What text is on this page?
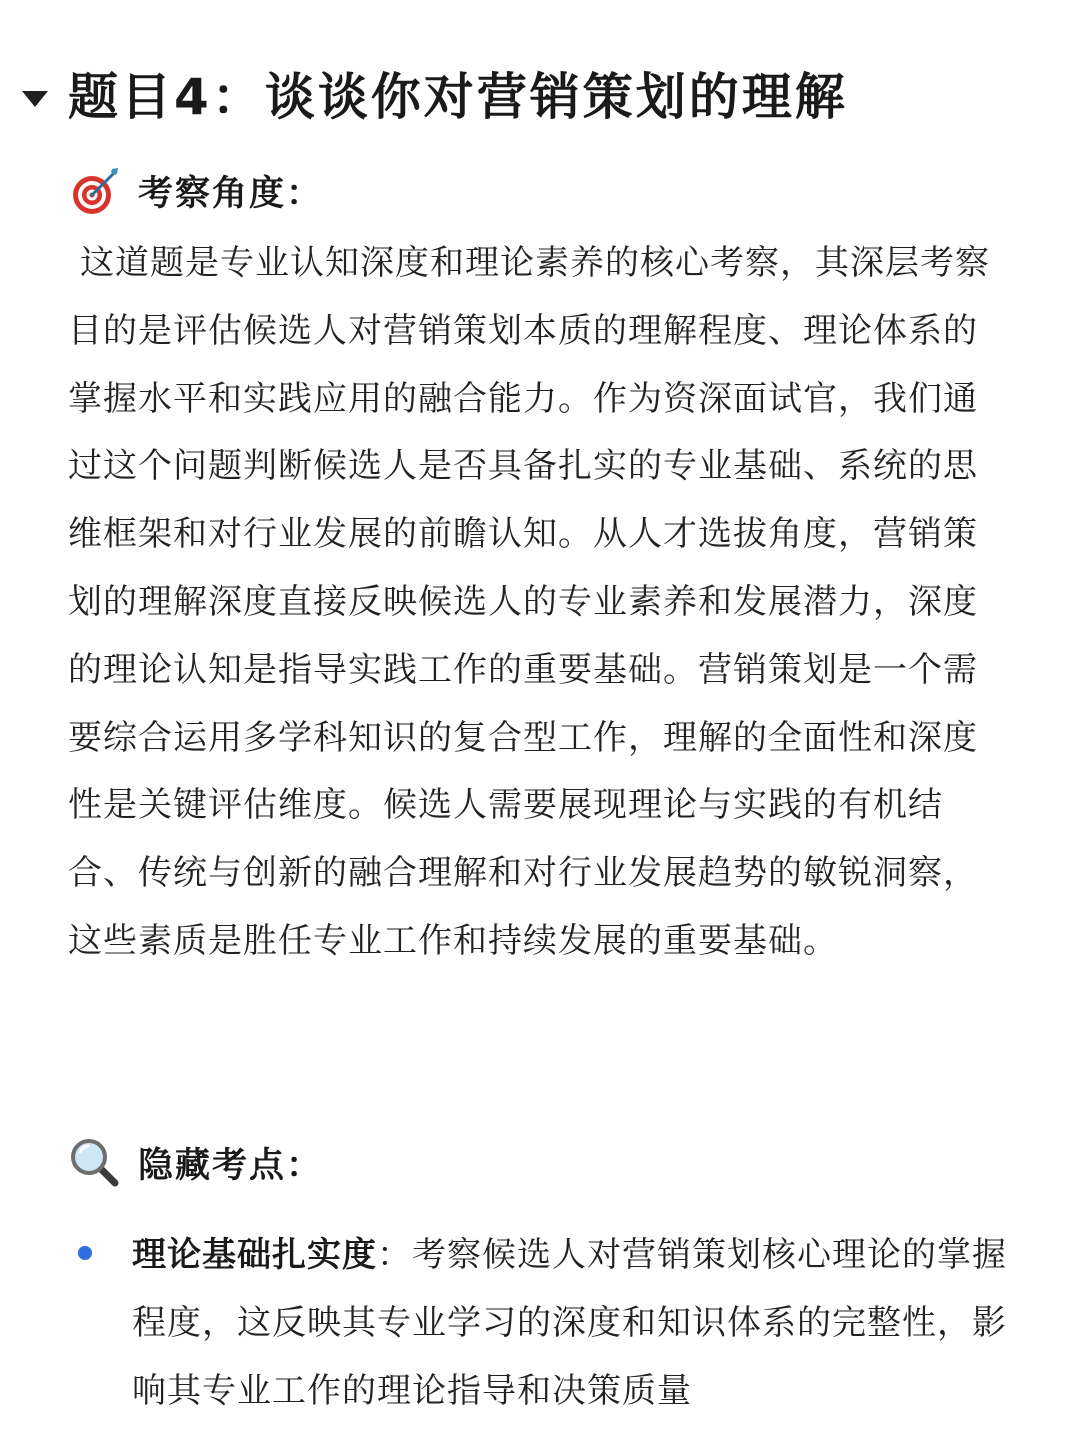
题目4：谈谈你对营销策划的理解
考察角度：

这道题是专业认知深度和理论素养的核心考察，其深层考察目的是评估候选人对营销策划本质的理解程度、理论体系的掌握水平和实践应用的融合能力。作为资深面试官，我们通过这个问题判断候选人是否具备扎实的专业基础、系统的思维框架和对行业发展的前瞻认知。从人才选拔角度，营销策划的理解深度直接反映候选人的专业素养和发展潜力，深度的理论认知是指导实践工作的重要基础。营销策划是一个需要综合运用多学科知识的复合型工作，理解的全面性和深度性是关键评估维度。候选人需要展现理论与实践的有机结合、传统与创新的融合理解和对行业发展趋势的敏锐洞察，这些素质是胜任专业工作和持续发展的重要基础。

隐藏考点：
理论基础扎实度：考察候选人对营销策划核心理论的掌握程度，这反映其专业学习的深度和知识体系的完整性，影响其专业工作的理论指导和决策质量
